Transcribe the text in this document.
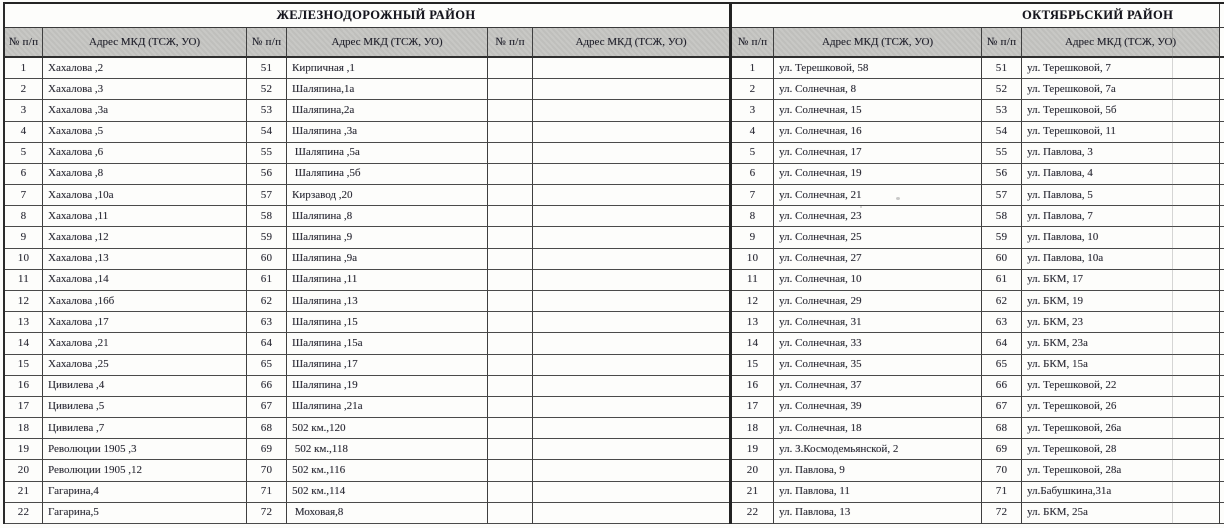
ЖЕЛЕЗНОДОРОЖНЫЙ РАЙОН
№ п/п	Адрес МКД (ТСЖ, УО)	№ п/п	Адрес МКД (ТСЖ, УО)	№ п/п	Адрес МКД (ТСЖ, УО)
1	Хахалова ,2	51	Кирпичная ,1
2	Хахалова ,3	52	Шаляпина,1а
3	Хахалова ,3а	53	Шаляпина,2а
4	Хахалова ,5	54	Шаляпина ,3а
5	Хахалова ,6	55	Шаляпина ,5а
6	Хахалова ,8	56	Шаляпина ,5б
7	Хахалова ,10а	57	Кирзавод ,20
8	Хахалова ,11	58	Шаляпина ,8
9	Хахалова ,12	59	Шаляпина ,9
10	Хахалова ,13	60	Шаляпина ,9а
11	Хахалова ,14	61	Шаляпина ,11
12	Хахалова ,16б	62	Шаляпина ,13
13	Хахалова ,17	63	Шаляпина ,15
14	Хахалова ,21	64	Шаляпина ,15а
15	Хахалова ,25	65	Шаляпина ,17
16	Цивилева ,4	66	Шаляпина ,19
17	Цивилева ,5	67	Шаляпина ,21а
18	Цивилева ,7	68	502 км.,120
19	Революции 1905 ,3	69	502 км.,118
20	Революции 1905 ,12	70	502 км.,116
21	Гагарина,4	71	502 км.,114
22	Гагарина,5	72	Моховая,8
ОКТЯБРЬСКИЙ РАЙОН
№ п/п	Адрес МКД (ТСЖ, УО)	№ п/п	Адрес МКД (ТСЖ, УО)
1	ул. Терешковой, 58	51	ул. Терешковой, 7
2	ул. Солнечная, 8	52	ул. Терешковой, 7а
3	ул. Солнечная, 15	53	ул. Терешковой, 5б
4	ул. Солнечная, 16	54	ул. Терешковой, 11
5	ул. Солнечная, 17	55	ул. Павлова, 3
6	ул. Солнечная, 19	56	ул. Павлова, 4
7	ул. Солнечная, 21	57	ул. Павлова, 5
8	ул. Солнечная, 23	58	ул. Павлова, 7
9	ул. Солнечная, 25	59	ул. Павлова, 10
10	ул. Солнечная, 27	60	ул. Павлова, 10а
11	ул. Солнечная, 10	61	ул. БКМ, 17
12	ул. Солнечная, 29	62	ул. БКМ, 19
13	ул. Солнечная, 31	63	ул. БКМ, 23
14	ул. Солнечная, 33	64	ул. БКМ, 23а
15	ул. Солнечная, 35	65	ул. БКМ, 15а
16	ул. Солнечная, 37	66	ул. Терешковой, 22
17	ул. Солнечная, 39	67	ул. Терешковой, 26
18	ул. Солнечная, 18	68	ул. Терешковой, 26а
19	ул. З.Космодемьянской, 2	69	ул. Терешковой, 28
20	ул. Павлова, 9	70	ул. Терешковой, 28а
21	ул. Павлова, 11	71	ул.Бабушкина,31а
22	ул. Павлова, 13	72	ул. БКМ, 25а
